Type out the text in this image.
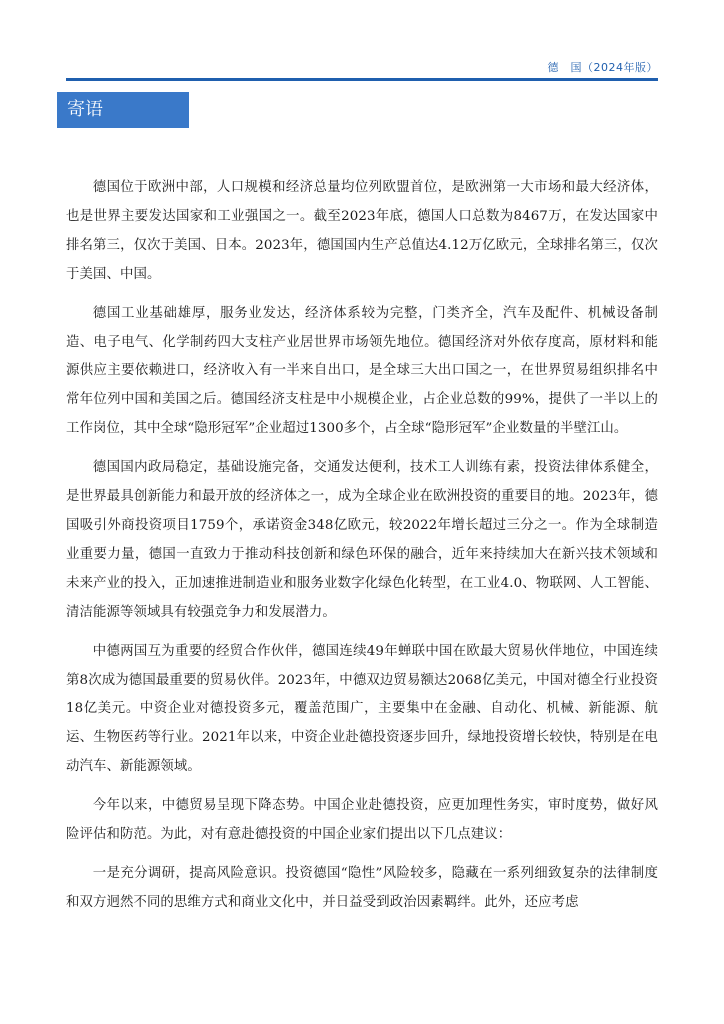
德　国（2024年版）
寄语

德国位于欧洲中部，人口规模和经济总量均位列欧盟首位，是欧洲第一大市场和最大经济体，也是世界主要发达国家和工业强国之一。截至2023年底，德国人口总数为8467万，在发达国家中排名第三，仅次于美国、日本。2023年，德国国内生产总值达4.12万亿欧元，全球排名第三，仅次于美国、中国。

德国工业基础雄厚，服务业发达，经济体系较为完整，门类齐全，汽车及配件、机械设备制造、电子电气、化学制药四大支柱产业居世界市场领先地位。德国经济对外依存度高，原材料和能源供应主要依赖进口，经济收入有一半来自出口，是全球三大出口国之一，在世界贸易组织排名中常年位列中国和美国之后。德国经济支柱是中小规模企业，占企业总数的99%，提供了一半以上的工作岗位，其中全球“隐形冠军”企业超过1300多个，占全球“隐形冠军”企业数量的半壁江山。

德国国内政局稳定，基础设施完备，交通发达便利，技术工人训练有素，投资法律体系健全，是世界最具创新能力和最开放的经济体之一，成为全球企业在欧洲投资的重要目的地。2023年，德国吸引外商投资项目1759个，承诺资金348亿欧元，较2022年增长超过三分之一。作为全球制造业重要力量，德国一直致力于推动科技创新和绿色环保的融合，近年来持续加大在新兴技术领域和未来产业的投入，正加速推进制造业和服务业数字化绿色化转型，在工业4.0、物联网、人工智能、清洁能源等领域具有较强竞争力和发展潜力。

中德两国互为重要的经贸合作伙伴，德国连续49年蝉联中国在欧最大贸易伙伴地位，中国连续第8次成为德国最重要的贸易伙伴。2023年，中德双边贸易额达2068亿美元，中国对德全行业投资18亿美元。中资企业对德投资多元，覆盖范围广，主要集中在金融、自动化、机械、新能源、航运、生物医药等行业。2021年以来，中资企业赴德投资逐步回升，绿地投资增长较快，特别是在电动汽车、新能源领域。

今年以来，中德贸易呈现下降态势。中国企业赴德投资，应更加理性务实，审时度势，做好风险评估和防范。为此，对有意赴德投资的中国企业家们提出以下几点建议：

一是充分调研，提高风险意识。投资德国“隐性”风险较多，隐藏在一系列细致复杂的法律制度和双方迥然不同的思维方式和商业文化中，并日益受到政治因素羁绊。此外，还应考虑
